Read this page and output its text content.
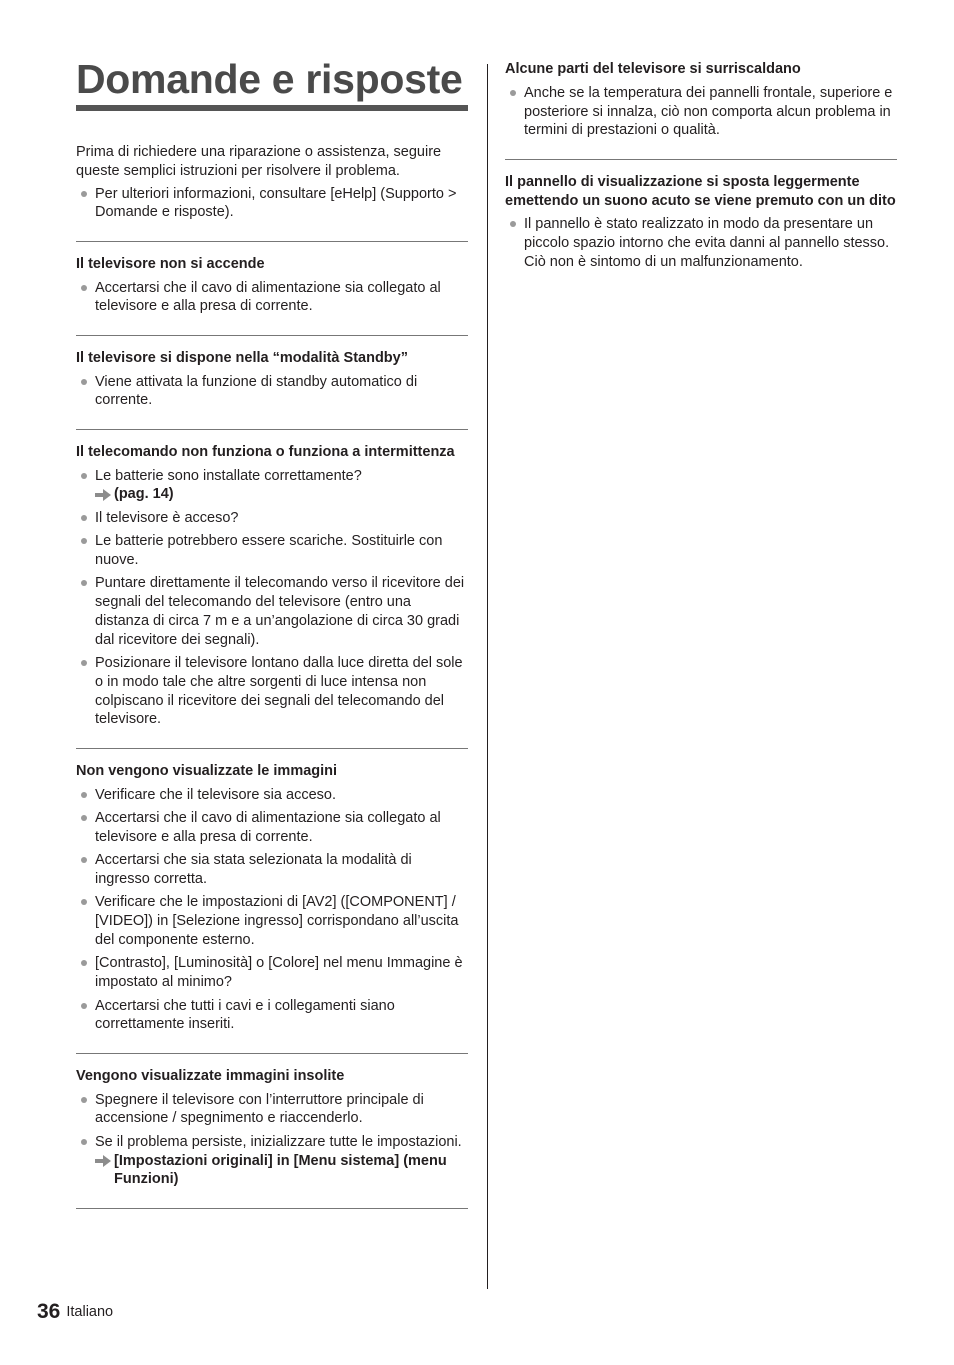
Domande e risposte

Prima di richiedere una riparazione o assistenza, seguire queste semplici istruzioni per risolvere il problema.

Per ulteriori informazioni, consultare [eHelp] (Supporto > Domande e risposte).

Il televisore non si accende

Accertarsi che il cavo di alimentazione sia collegato al televisore e alla presa di corrente.

Il televisore si dispone nella “modalità Standby”

Viene attivata la funzione di standby automatico di corrente.

Il telecomando non funziona o funziona a intermittenza

Le batterie sono installate correttamente?
(pag. 14)
Il televisore è acceso?
Le batterie potrebbero essere scariche. Sostituirle con nuove.
Puntare direttamente il telecomando verso il ricevitore dei segnali del telecomando del televisore (entro una distanza di circa 7 m e a un’angolazione di circa 30 gradi dal ricevitore dei segnali).
Posizionare il televisore lontano dalla luce diretta del sole o in modo tale che altre sorgenti di luce intensa non colpiscano il ricevitore dei segnali del telecomando del televisore.

Non vengono visualizzate le immagini

Verificare che il televisore sia acceso.
Accertarsi che il cavo di alimentazione sia collegato al televisore e alla presa di corrente.
Accertarsi che sia stata selezionata la modalità di ingresso corretta.
Verificare che le impostazioni di [AV2] ([COMPONENT] / [VIDEO]) in [Selezione ingresso] corrispondano all’uscita del componente esterno.
[Contrasto], [Luminosità] o [Colore] nel menu Immagine è impostato al minimo?
Accertarsi che tutti i cavi e i collegamenti siano correttamente inseriti.

Vengono visualizzate immagini insolite

Spegnere il televisore con l’interruttore principale di accensione / spegnimento e riaccenderlo.
Se il problema persiste, inizializzare tutte le impostazioni.
[Impostazioni originali] in [Menu sistema] (menu Funzioni)

Alcune parti del televisore si surriscaldano

Anche se la temperatura dei pannelli frontale, superiore e posteriore si innalza, ciò non comporta alcun problema in termini di prestazioni o qualità.

Il pannello di visualizzazione si sposta leggermente emettendo un suono acuto se viene premuto con un dito

Il pannello è stato realizzato in modo da presentare un piccolo spazio intorno che evita danni al pannello stesso. Ciò non è sintomo di un malfunzionamento.
36 Italiano
